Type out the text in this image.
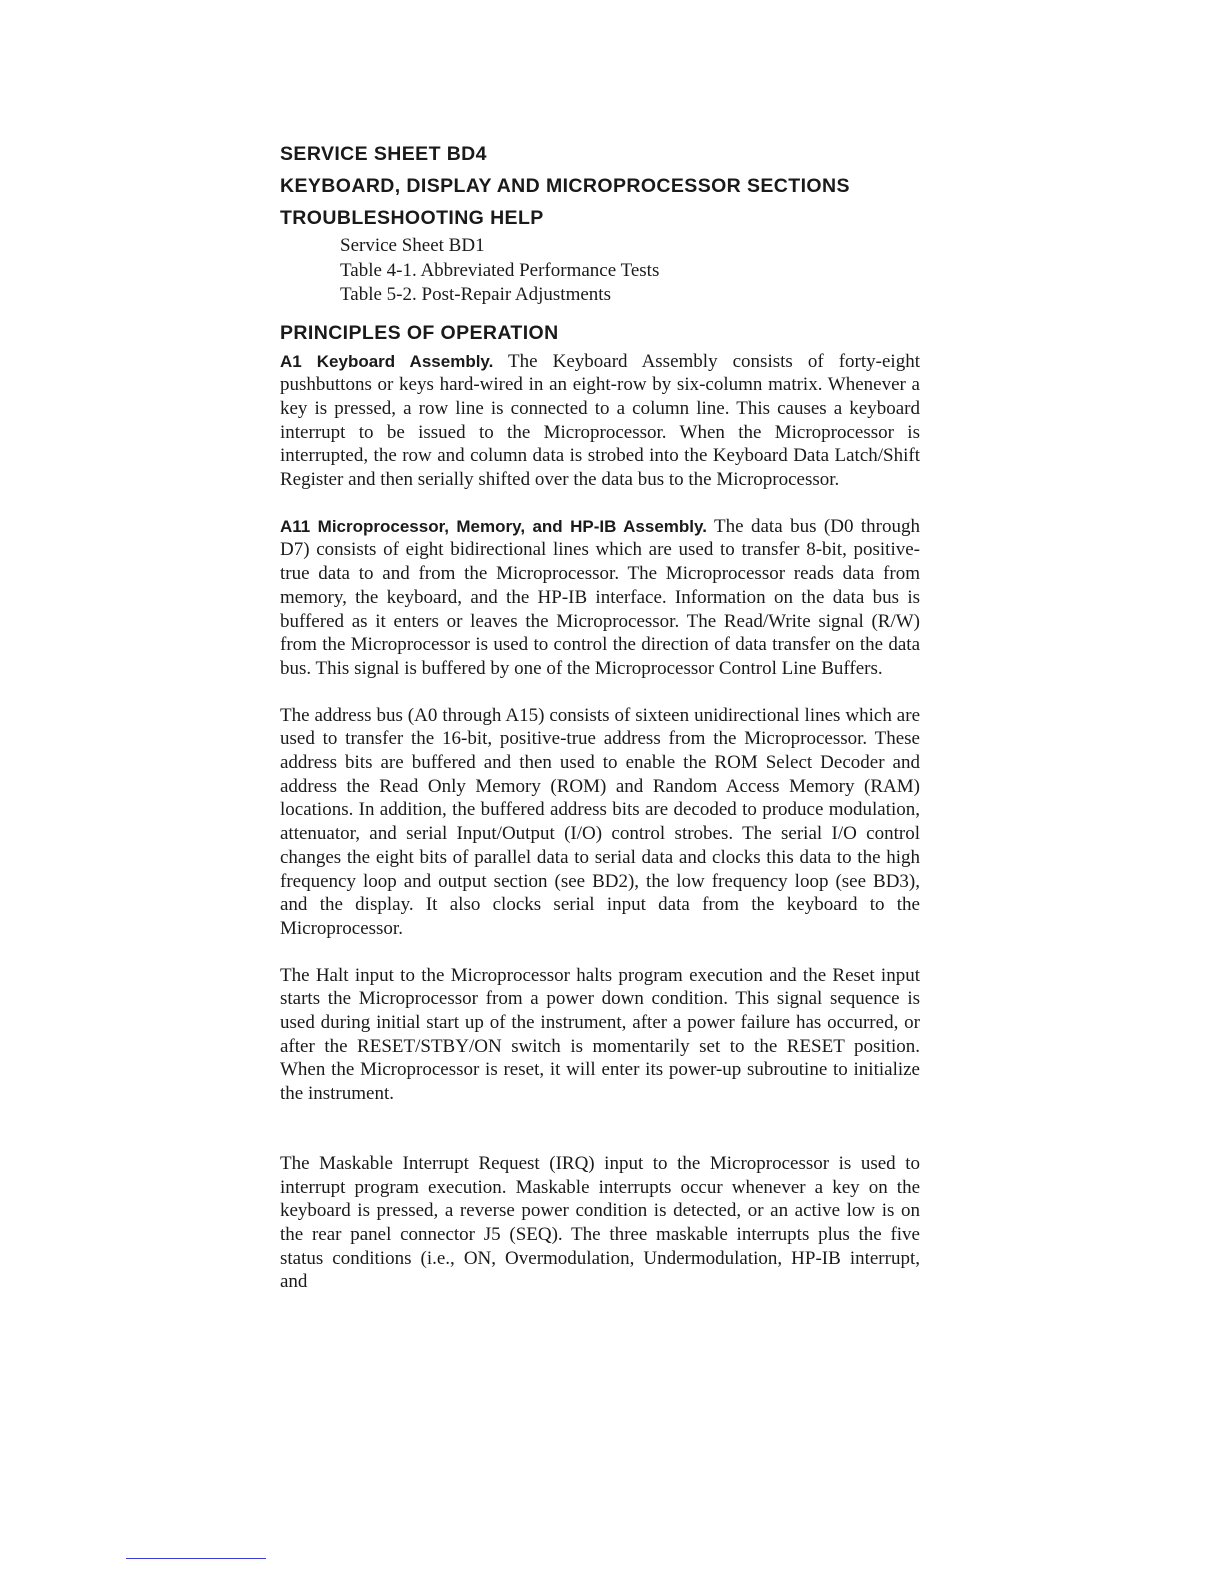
SERVICE SHEET BD4
KEYBOARD, DISPLAY AND MICROPROCESSOR SECTIONS
TROUBLESHOOTING HELP
Service Sheet BD1
Table 4-1. Abbreviated Performance Tests
Table 5-2. Post-Repair Adjustments
PRINCIPLES OF OPERATION

A1 Keyboard Assembly. The Keyboard Assembly consists of forty-eight pushbuttons or keys hard-wired in an eight-row by six-column matrix. Whenever a key is pressed, a row line is connected to a column line. This causes a keyboard interrupt to be issued to the Microprocessor. When the Microprocessor is interrupted, the row and column data is strobed into the Keyboard Data Latch/Shift Register and then serially shifted over the data bus to the Microprocessor.

A11 Microprocessor, Memory, and HP-IB Assembly. The data bus (D0 through D7) consists of eight bidirectional lines which are used to transfer 8-bit, positive-true data to and from the Microprocessor. The Microprocessor reads data from memory, the keyboard, and the HP-IB interface. Information on the data bus is buffered as it enters or leaves the Microprocessor. The Read/Write signal (R/W) from the Microprocessor is used to control the direction of data transfer on the data bus. This signal is buffered by one of the Microprocessor Control Line Buffers.

The address bus (A0 through A15) consists of sixteen unidirectional lines which are used to transfer the 16-bit, positive-true address from the Microprocessor. These address bits are buffered and then used to enable the ROM Select Decoder and address the Read Only Memory (ROM) and Random Access Memory (RAM) locations. In addition, the buffered address bits are decoded to produce modulation, attenuator, and serial Input/Output (I/O) control strobes. The serial I/O control changes the eight bits of parallel data to serial data and clocks this data to the high frequency loop and output section (see BD2), the low frequency loop (see BD3), and the display. It also clocks serial input data from the keyboard to the Microprocessor.

The Halt input to the Microprocessor halts program execution and the Reset input starts the Microprocessor from a power down condition. This signal sequence is used during initial start up of the instrument, after a power failure has occurred, or after the RESET/STBY/ON switch is momentarily set to the RESET position. When the Microprocessor is reset, it will enter its power-up subroutine to initialize the instrument.

The Maskable Interrupt Request (IRQ) input to the Microprocessor is used to interrupt program execution. Maskable interrupts occur whenever a key on the keyboard is pressed, a reverse power condition is detected, or an active low is on the rear panel connector J5 (SEQ). The three maskable interrupts plus the five status conditions (i.e., ON, Overmodulation, Undermodulation, HP-IB interrupt, and
